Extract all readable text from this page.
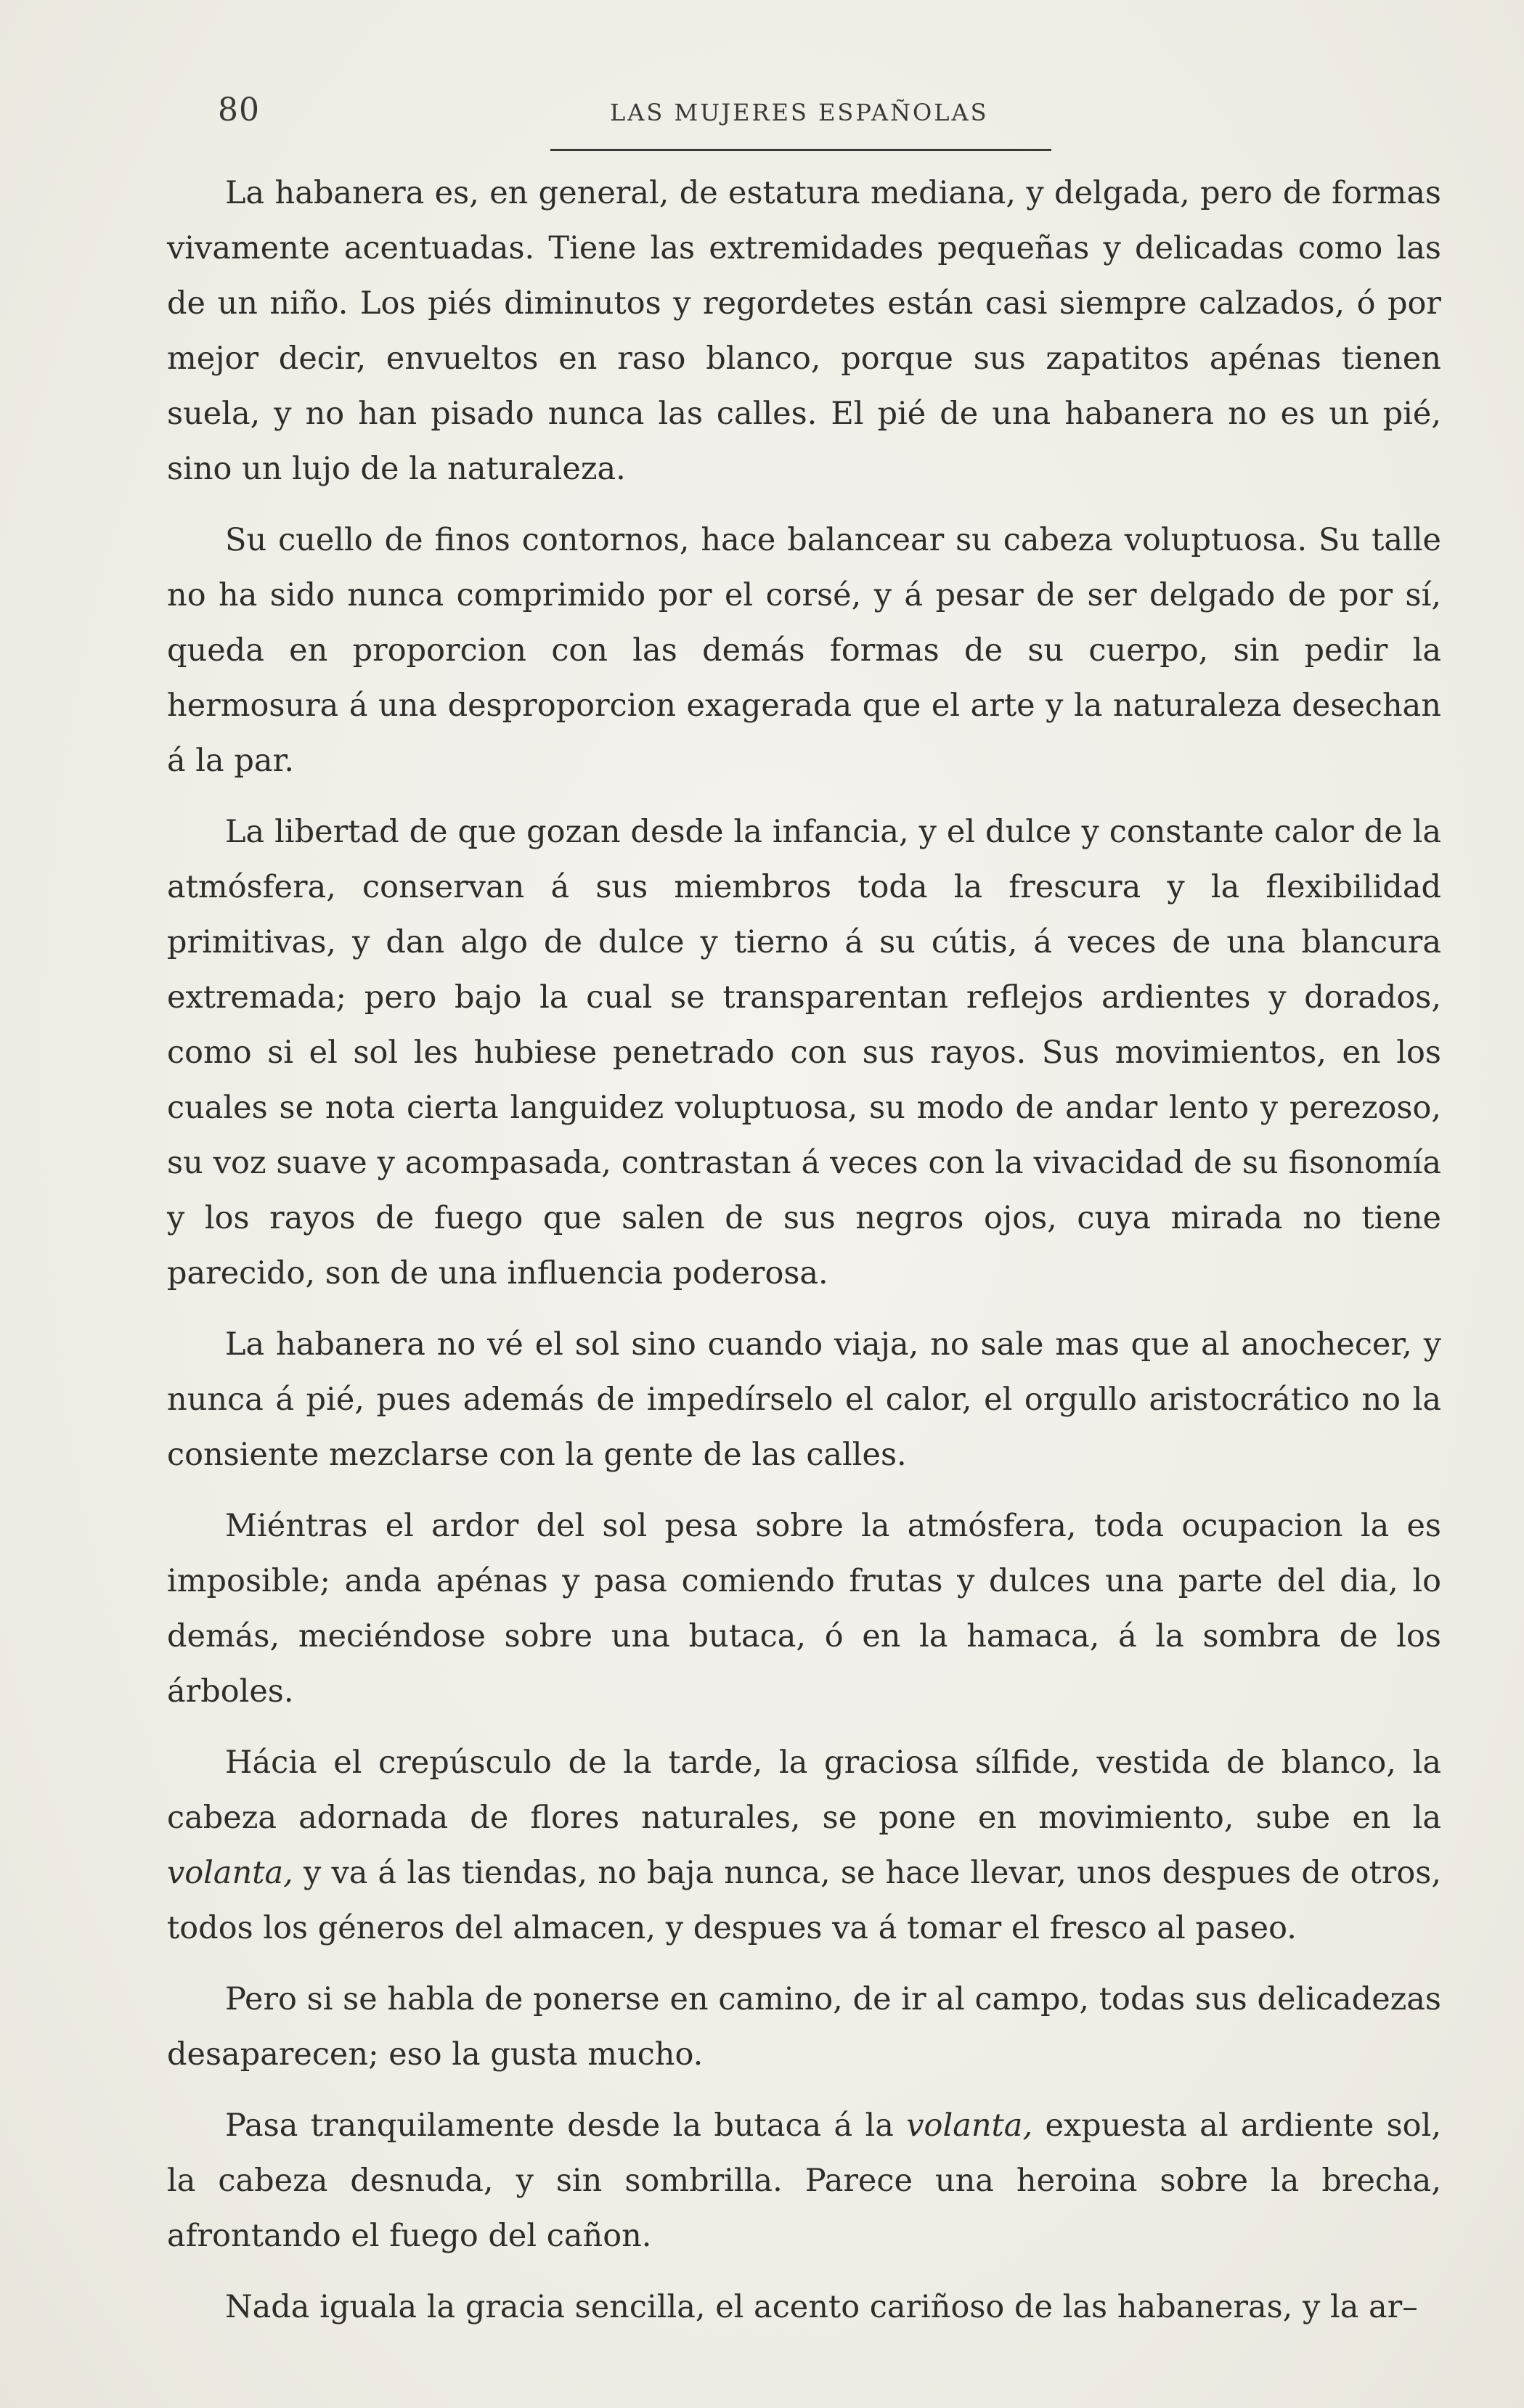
80	LAS MUJERES ESPAÑOLAS

La habanera es, en general, de estatura mediana, y delgada, pero de formas vivamente acentuadas. Tiene las extremidades pequeñas y delicadas como las de un niño. Los piés diminutos y regordetes están casi siempre calzados, ó por mejor decir, envueltos en raso blanco, porque sus zapatitos apénas tienen suela, y no han pisado nunca las calles. El pié de una habanera no es un pié, sino un lujo de la naturaleza.

Su cuello de finos contornos, hace balancear su cabeza voluptuosa. Su talle no ha sido nunca comprimido por el corsé, y á pesar de ser delgado de por sí, queda en proporcion con las demás formas de su cuerpo, sin pedir la hermosura á una desproporcion exagerada que el arte y la naturaleza desechan á la par.

La libertad de que gozan desde la infancia, y el dulce y constante calor de la atmósfera, conservan á sus miembros toda la frescura y la flexibilidad primitivas, y dan algo de dulce y tierno á su cútis, á veces de una blancura extremada; pero bajo la cual se transparentan reflejos ardientes y dorados, como si el sol les hubiese penetrado con sus rayos. Sus movimientos, en los cuales se nota cierta languidez voluptuosa, su modo de andar lento y perezoso, su voz suave y acompasada, contrastan á veces con la vivacidad de su fisonomía y los rayos de fuego que salen de sus negros ojos, cuya mirada no tiene parecido, son de una influencia poderosa.

La habanera no vé el sol sino cuando viaja, no sale mas que al anochecer, y nunca á pié, pues además de impedírselo el calor, el orgullo aristocrático no la consiente mezclarse con la gente de las calles.

Miéntras el ardor del sol pesa sobre la atmósfera, toda ocupacion la es imposible; anda apénas y pasa comiendo frutas y dulces una parte del dia, lo demás, meciéndose sobre una butaca, ó en la hamaca, á la sombra de los árboles.

Hácia el crepúsculo de la tarde, la graciosa sílfide, vestida de blanco, la cabeza adornada de flores naturales, se pone en movimiento, sube en la volanta, y va á las tiendas, no baja nunca, se hace llevar, unos despues de otros, todos los géneros del almacen, y despues va á tomar el fresco al paseo.

Pero si se habla de ponerse en camino, de ir al campo, todas sus delicadezas desaparecen; eso la gusta mucho.

Pasa tranquilamente desde la butaca á la volanta, expuesta al ardiente sol, la cabeza desnuda, y sin sombrilla. Parece una heroina sobre la brecha, afrontando el fuego del cañon.

Nada iguala la gracia sencilla, el acento cariñoso de las habaneras, y la ar–
